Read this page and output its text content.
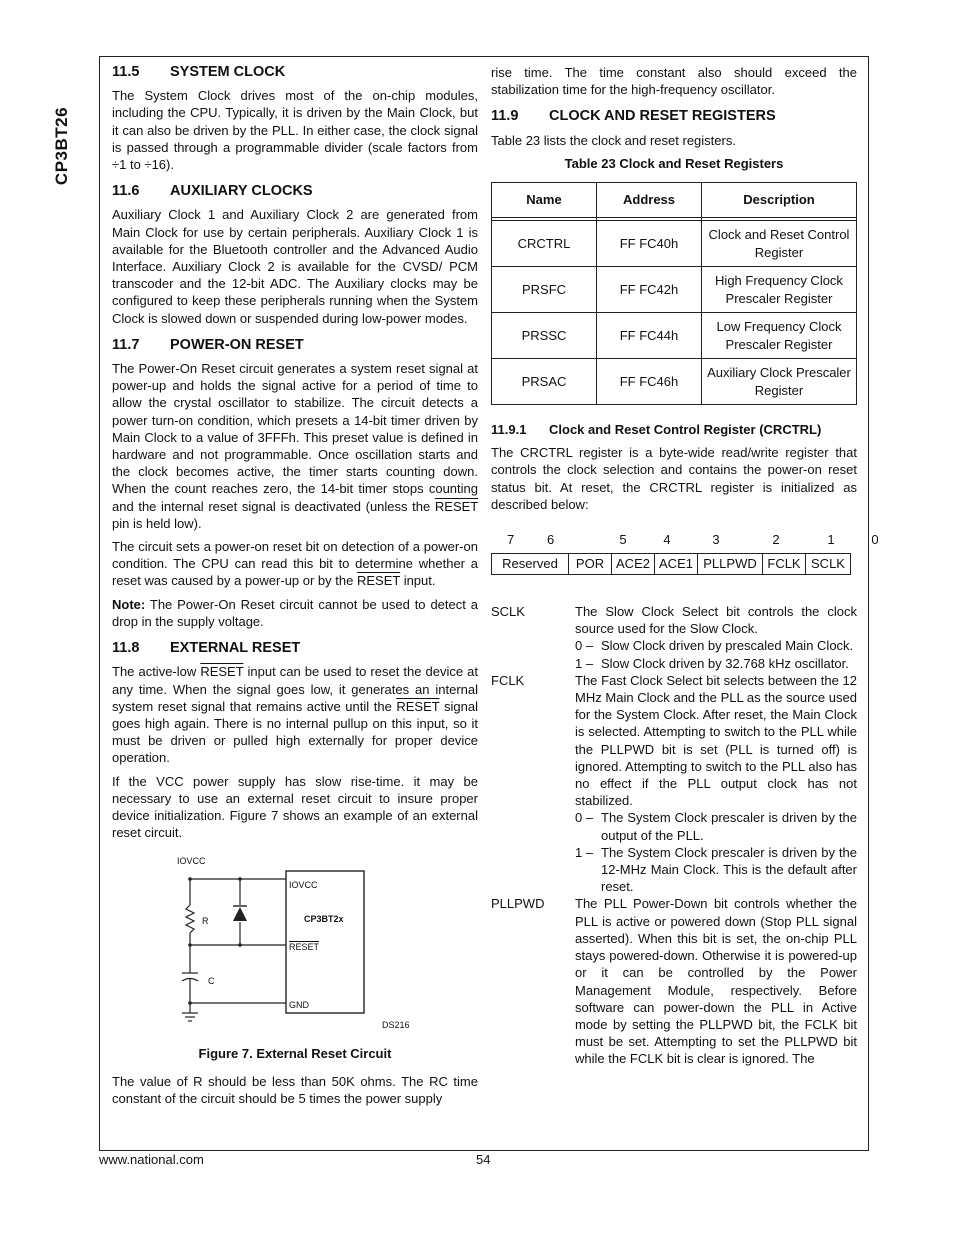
CP3BT26
11.5	SYSTEM CLOCK

The System Clock drives most of the on-chip modules, including the CPU. Typically, it is driven by the Main Clock, but it can also be driven by the PLL. In either case, the clock signal is passed through a programmable divider (scale factors from ÷1 to ÷16).

11.6	AUXILIARY CLOCKS

Auxiliary Clock 1 and Auxiliary Clock 2 are generated from Main Clock for use by certain peripherals. Auxiliary Clock 1 is available for the Bluetooth controller and the Advanced Audio Interface. Auxiliary Clock 2 is available for the CVSD/ PCM transcoder and the 12-bit ADC. The Auxiliary clocks may be configured to keep these peripherals running when the System Clock is slowed down or suspended during low-power modes.

11.7	POWER-ON RESET

The Power-On Reset circuit generates a system reset signal at power-up and holds the signal active for a period of time to allow the crystal oscillator to stabilize. The circuit detects a power turn-on condition, which presets a 14-bit timer driven by Main Clock to a value of 3FFFh. This preset value is defined in hardware and not programmable. Once oscillation starts and the clock becomes active, the timer starts counting down. When the count reaches zero, the 14-bit timer stops counting and the internal reset signal is deactivated (unless the RESET pin is held low).

The circuit sets a power-on reset bit on detection of a power-on condition. The CPU can read this bit to determine whether a reset was caused by a power-up or by the RESET input.

Note: The Power-On Reset circuit cannot be used to detect a drop in the supply voltage.

11.8	EXTERNAL RESET

The active-low RESET input can be used to reset the device at any time. When the signal goes low, it generates an internal system reset signal that remains active until the RESET signal goes high again. There is no internal pullup on this input, so it must be driven or pulled high externally for proper device operation.

If the VCC power supply has slow rise-time. it may be necessary to use an external reset circuit to insure proper device initialization. Figure 7 shows an example of an external reset circuit.

IOVCC
R
C
IOVCC
CP3BT2x
RESET
GND
DS216
Figure 7. External Reset Circuit

The value of R should be less than 50K ohms. The RC time constant of the circuit should be 5 times the power supply

rise time. The time constant also should exceed the stabilization time for the high-frequency oscillator.

11.9	CLOCK AND RESET REGISTERS

Table 23 lists the clock and reset registers.

Table 23 Clock and Reset Registers
Name	Address	Description

CRCTRL	FF FC40h	Clock and Reset Control Register
PRSFC	FF FC42h	High Frequency Clock Prescaler Register
PRSSC	FF FC44h	Low Frequency Clock Prescaler Register
PRSAC	FF FC46h	Auxiliary Clock Prescaler Register
11.9.1	Clock and Reset Control Register (CRCTRL)

The CRCTRL register is a byte-wide read/write register that controls the clock selection and contains the power-on reset status bit. At reset, the CRCTRL register is initialized as described below:

7	6	5	4	3	2	1	0
Reserved	POR ACE2 ACE1 PLLPWD FCLK SCLK
SCLK	The Slow Clock Select bit controls the clock source used for the Slow Clock.
0 – Slow Clock driven by prescaled Main Clock.
1 – Slow Clock driven by 32.768 kHz oscillator.
FCLK	The Fast Clock Select bit selects between the 12 MHz Main Clock and the PLL as the source used for the System Clock. After reset, the Main Clock is selected. Attempting to switch to the PLL while the PLLPWD bit is set (PLL is turned off) is ignored. Attempting to switch to the PLL also has no effect if the PLL output clock has not stabilized.
0 – The System Clock prescaler is driven by the output of the PLL.
1 – The System Clock prescaler is driven by the 12-MHz Main Clock. This is the default after reset.
PLLPWD	The PLL Power-Down bit controls whether the PLL is active or powered down (Stop PLL signal asserted). When this bit is set, the on-chip PLL stays powered-down. Otherwise it is powered-up or it can be controlled by the Power Management Module, respectively. Before software can power-down the PLL in Active mode by setting the PLLPWD bit, the FCLK bit must be set. Attempting to set the PLLPWD bit while the FCLK bit is clear is ignored. The
www.national.com	54
